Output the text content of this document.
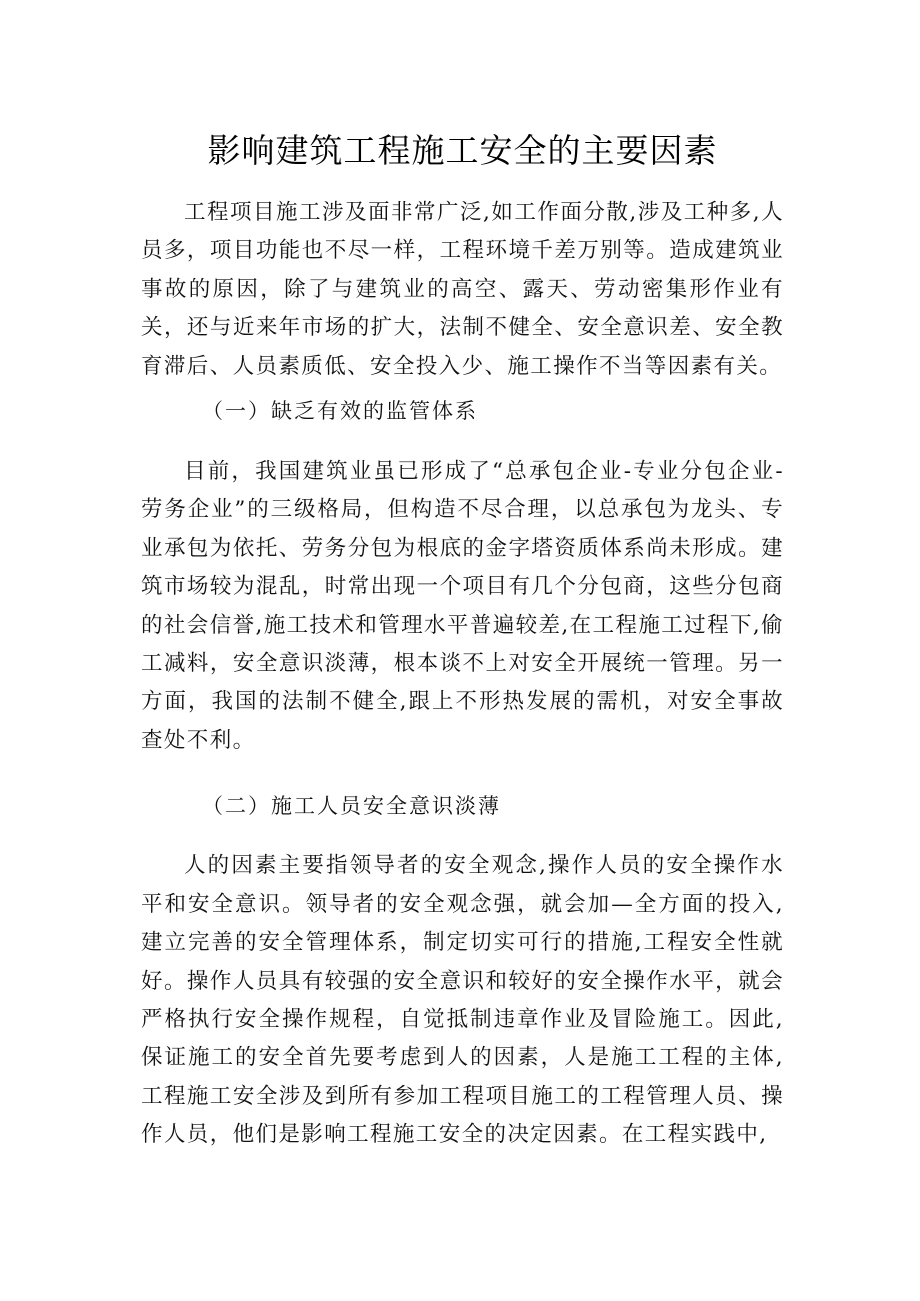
影响建筑工程施工安全的主要因素

工程项目施工涉及面非常广泛,如工作面分散,涉及工种多,人员多，项目功能也不尽一样，工程环境千差万别等。造成建筑业事故的原因，除了与建筑业的高空、露天、劳动密集形作业有关，还与近来年市场的扩大，法制不健全、安全意识差、安全教育滞后、人员素质低、安全投入少、施工操作不当等因素有关。

（一）缺乏有效的监管体系

目前，我国建筑业虽已形成了“总承包企业-专业分包企业-劳务企业”的三级格局，但构造不尽合理，以总承包为龙头、专业承包为依托、劳务分包为根底的金字塔资质体系尚未形成。建筑市场较为混乱，时常出现一个项目有几个分包商，这些分包商的社会信誉,施工技术和管理水平普遍较差,在工程施工过程下,偷工减料，安全意识淡薄，根本谈不上对安全开展统一管理。另一方面，我国的法制不健全,跟上不形热发展的需机，对安全事故查处不利。

（二）施工人员安全意识淡薄

人的因素主要指领导者的安全观念,操作人员的安全操作水平和安全意识。领导者的安全观念强，就会加—全方面的投入,建立完善的安全管理体系，制定切实可行的措施,工程安全性就好。操作人员具有较强的安全意识和较好的安全操作水平，就会严格执行安全操作规程，自觉抵制违章作业及冒险施工。因此,保证施工的安全首先要考虑到人的因素，人是施工工程的主体,工程施工安全涉及到所有参加工程项目施工的工程管理人员、操作人员，他们是影响工程施工安全的决定因素。在工程实践中,
